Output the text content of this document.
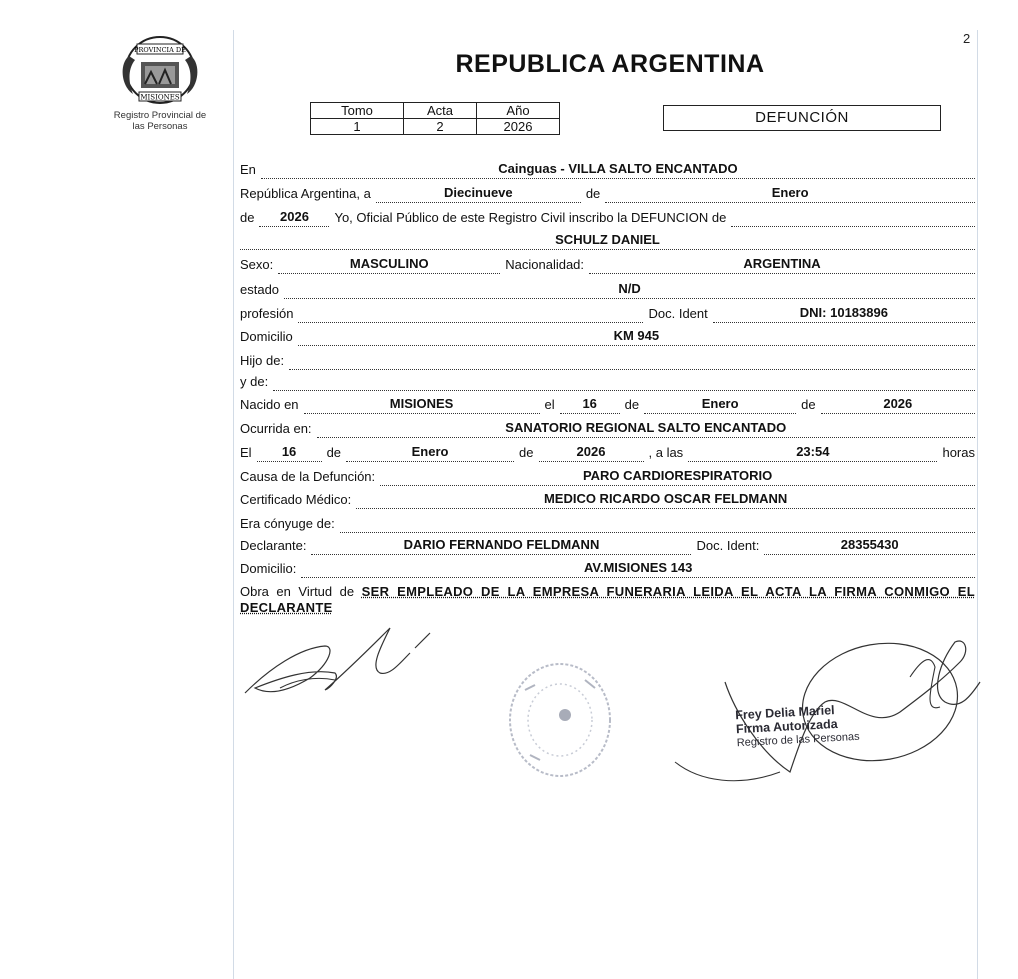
2
PROVINCIA DE
MISIONES
Registro Provincial de
las Personas
REPUBLICA ARGENTINA
Tomo	Acta	Año
1	2	2026
DEFUNCIÓN
En	Cainguas - VILLA SALTO ENCANTADO
República Argentina, a	Diecinueve	de	Enero
de	2026	Yo, Oficial Público de este Registro Civil inscribo la DEFUNCION de
SCHULZ DANIEL
Sexo:	MASCULINO	Nacionalidad:	ARGENTINA
estado	N/D
profesión	Doc. Ident	DNI: 10183896
Domicilio	KM 945
Hijo de:
y de:
Nacido en	MISIONES	el	16	de	Enero	de	2026
Ocurrida en:	SANATORIO REGIONAL SALTO ENCANTADO
El	16	de	Enero	de	2026	, a las	23:54	horas
Causa de la Defunción:	PARO CARDIORESPIRATORIO
Certificado Médico:	MEDICO RICARDO OSCAR FELDMANN
Era cónyuge de:
Declarante:	DARIO FERNANDO FELDMANN	Doc. Ident:	28355430
Domicilio:	AV.MISIONES 143
Obra en Virtud de SER EMPLEADO DE LA EMPRESA FUNERARIA LEIDA EL ACTA LA FIRMA CONMIGO EL DECLARANTE
Frey Delia Mariel
Firma Autorizada
Registro de las Personas
